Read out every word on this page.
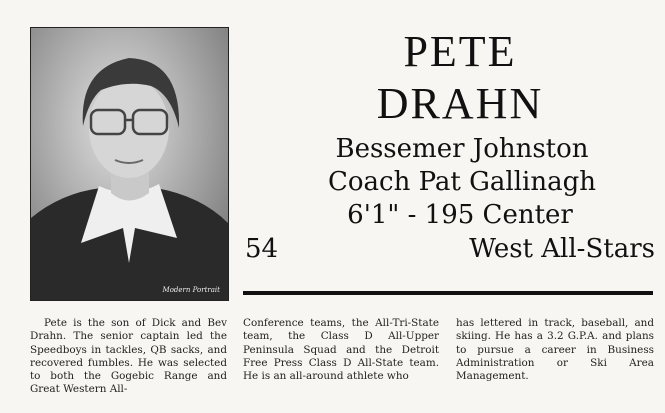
Modern Portrait
PETE
DRAHN
Bessemer Johnston
Coach Pat Gallinagh
6'1" - 195 Center
54	West All-Stars
Pete is the son of Dick and Bev Drahn. The senior captain led the Speedboys in tackles, QB sacks, and recovered fumbles. He was selected to both the Gogebic Range and Great Western All-
Conference teams, the All-Tri-State team, the Class D All-Upper Peninsula Squad and the Detroit Free Press Class D All-State team. He is an all-around athlete who
has lettered in track, baseball, and skiing. He has a 3.2 G.P.A. and plans to pursue a career in Business Administration or Ski Area Management.
